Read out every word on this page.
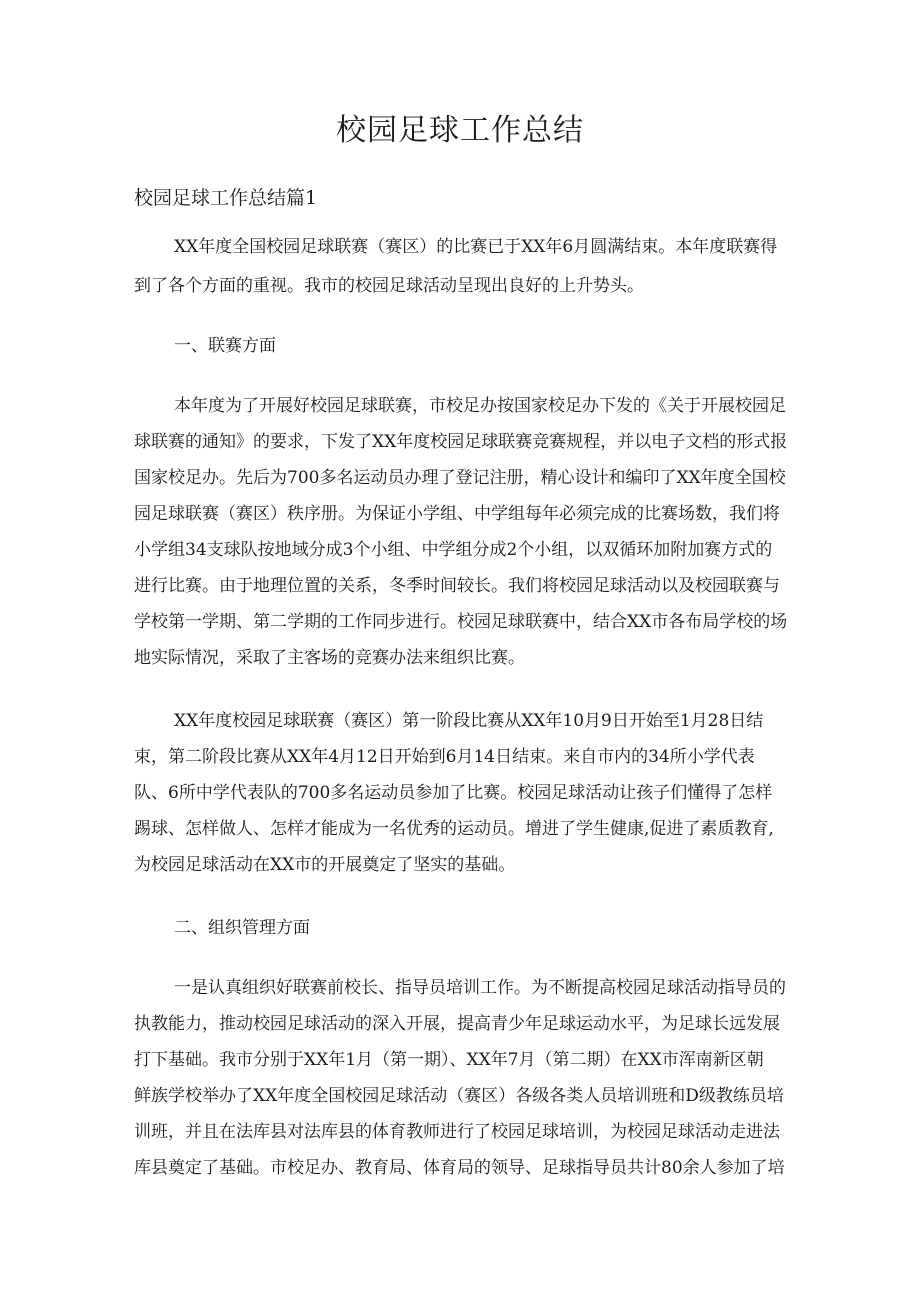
校园足球工作总结
校园足球工作总结篇1
XX年度全国校园足球联赛（赛区）的比赛已于XX年6月圆满结束。本年度联赛得
到了各个方面的重视。我市的校园足球活动呈现出良好的上升势头。
一、联赛方面
本年度为了开展好校园足球联赛，市校足办按国家校足办下发的《关于开展校园足
球联赛的通知》的要求，下发了XX年度校园足球联赛竞赛规程，并以电子文档的形式报
国家校足办。先后为700多名运动员办理了登记注册，精心设计和编印了XX年度全国校
园足球联赛（赛区）秩序册。为保证小学组、中学组每年必须完成的比赛场数，我们将
小学组34支球队按地域分成3个小组、中学组分成2个小组，以双循环加附加赛方式的
进行比赛。由于地理位置的关系，冬季时间较长。我们将校园足球活动以及校园联赛与
学校第一学期、第二学期的工作同步进行。校园足球联赛中，结合XX市各布局学校的场
地实际情况，采取了主客场的竞赛办法来组织比赛。
XX年度校园足球联赛（赛区）第一阶段比赛从XX年10月9日开始至1月28日结
束，第二阶段比赛从XX年4月12日开始到6月14日结束。来自市内的34所小学代表
队、6所中学代表队的700多名运动员参加了比赛。校园足球活动让孩子们懂得了怎样
踢球、怎样做人、怎样才能成为一名优秀的运动员。增进了学生健康,促进了素质教育,
为校园足球活动在XX市的开展奠定了坚实的基础。
二、组织管理方面
一是认真组织好联赛前校长、指导员培训工作。为不断提高校园足球活动指导员的
执教能力，推动校园足球活动的深入开展，提高青少年足球运动水平，为足球长远发展
打下基础。我市分别于XX年1月（第一期）、XX年7月（第二期）在XX市浑南新区朝
鲜族学校举办了XX年度全国校园足球活动（赛区）各级各类人员培训班和D级教练员培
训班，并且在法库县对法库县的体育教师进行了校园足球培训，为校园足球活动走进法
库县奠定了基础。市校足办、教育局、体育局的领导、足球指导员共计80余人参加了培
